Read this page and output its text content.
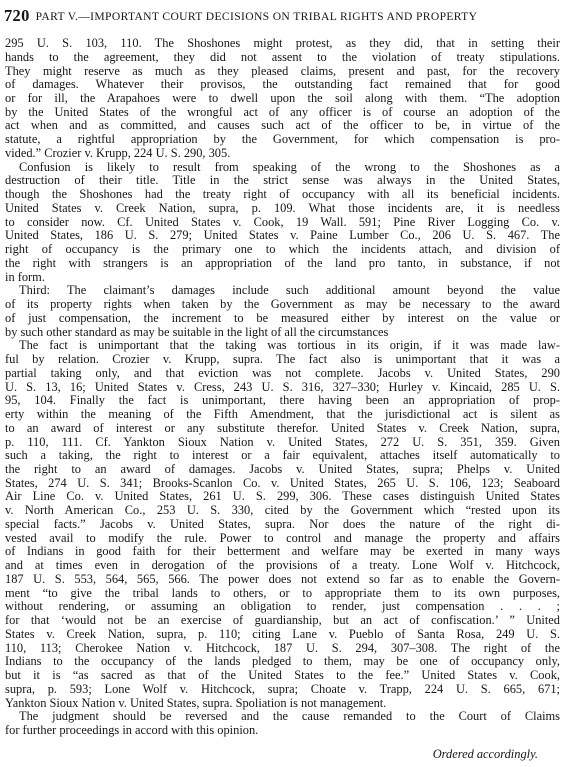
720 PART V.—IMPORTANT COURT DECISIONS ON TRIBAL RIGHTS AND PROPERTY
295 U. S. 103, 110. The Shoshones might protest, as they did, that in setting their
hands to the agreement, they did not assent to the violation of treaty stipulations.
They might reserve as much as they pleased claims, present and past, for the recovery
of damages. Whatever their provisos, the outstanding fact remained that for good
or for ill, the Arapahoes were to dwell upon the soil along with them. “The adoption
by the United States of the wrongful act of any officer is of course an adoption of the
act when and as committed, and causes such act of the officer to be, in virtue of the
statute, a rightful appropriation by the Government, for which compensation is pro-
vided.” Crozier v. Krupp, 224 U. S. 290, 305.
Confusion is likely to result from speaking of the wrong to the Shoshones as a
destruction of their title. Title in the strict sense was always in the United States,
though the Shoshones had the treaty right of occupancy with all its beneficial incidents.
United States v. Creek Nation, supra, p. 109. What those incidents are, it is needless
to consider now. Cf. United States v. Cook, 19 Wall. 591; Pine River Logging Co. v.
United States, 186 U. S. 279; United States v. Paine Lumber Co., 206 U. S. 467. The
right of occupancy is the primary one to which the incidents attach, and division of
the right with strangers is an appropriation of the land pro tanto, in substance, if not
in form.
Third: The claimant’s damages include such additional amount beyond the value
of its property rights when taken by the Government as may be necessary to the award
of just compensation, the increment to be measured either by interest on the value or
by such other standard as may be suitable in the light of all the circumstances
The fact is unimportant that the taking was tortious in its origin, if it was made law-
ful by relation. Crozier v. Krupp, supra. The fact also is unimportant that it was a
partial taking only, and that eviction was not complete. Jacobs v. United States, 290
U. S. 13, 16; United States v. Cress, 243 U. S. 316, 327–330; Hurley v. Kincaid, 285 U. S.
95, 104. Finally the fact is unimportant, there having been an appropriation of prop-
erty within the meaning of the Fifth Amendment, that the jurisdictional act is silent as
to an award of interest or any substitute therefor. United States v. Creek Nation, supra,
p. 110, 111. Cf. Yankton Sioux Nation v. United States, 272 U. S. 351, 359. Given
such a taking, the right to interest or a fair equivalent, attaches itself automatically to
the right to an award of damages. Jacobs v. United States, supra; Phelps v. United
States, 274 U. S. 341; Brooks-Scanlon Co. v. United States, 265 U. S. 106, 123; Seaboard
Air Line Co. v. United States, 261 U. S. 299, 306. These cases distinguish United States
v. North American Co., 253 U. S. 330, cited by the Government which “rested upon its
special facts.” Jacobs v. United States, supra. Nor does the nature of the right di-
vested avail to modify the rule. Power to control and manage the property and affairs
of Indians in good faith for their betterment and welfare may be exerted in many ways
and at times even in derogation of the provisions of a treaty. Lone Wolf v. Hitchcock,
187 U. S. 553, 564, 565, 566. The power does not extend so far as to enable the Govern-
ment “to give the tribal lands to others, or to appropriate them to its own purposes,
without rendering, or assuming an obligation to render, just compensation . . . ;
for that ‘would not be an exercise of guardianship, but an act of confiscation.’ ” United
States v. Creek Nation, supra, p. 110; citing Lane v. Pueblo of Santa Rosa, 249 U. S.
110, 113; Cherokee Nation v. Hitchcock, 187 U. S. 294, 307–308. The right of the
Indians to the occupancy of the lands pledged to them, may be one of occupancy only,
but it is “as sacred as that of the United States to the fee.” United States v. Cook,
supra, p. 593; Lone Wolf v. Hitchcock, supra; Choate v. Trapp, 224 U. S. 665, 671;
Yankton Sioux Nation v. United States, supra. Spoliation is not management.
The judgment should be reversed and the cause remanded to the Court of Claims
for further proceedings in accord with this opinion.
Ordered accordingly.
